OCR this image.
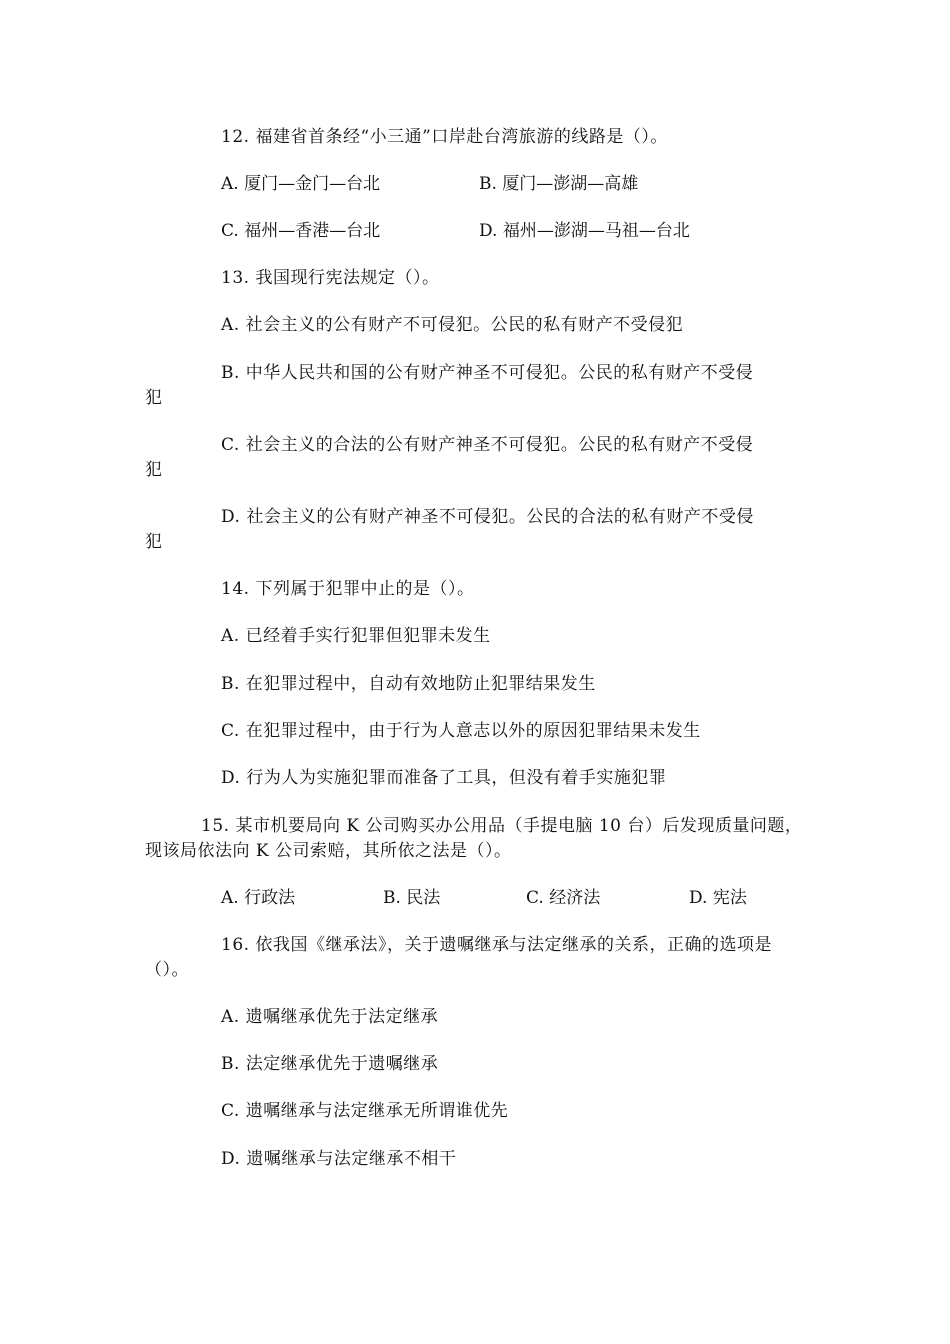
12. 福建省首条经“小三通”口岸赴台湾旅游的线路是（）。
A. 厦门—金门—台北	B. 厦门—澎湖—高雄
C. 福州—香港—台北	D. 福州—澎湖—马祖—台北
13. 我国现行宪法规定（）。
A. 社会主义的公有财产不可侵犯。公民的私有财产不受侵犯
B. 中华人民共和国的公有财产神圣不可侵犯。公民的私有财产不受侵
犯
C. 社会主义的合法的公有财产神圣不可侵犯。公民的私有财产不受侵
犯
D. 社会主义的公有财产神圣不可侵犯。公民的合法的私有财产不受侵
犯
14. 下列属于犯罪中止的是（）。
A. 已经着手实行犯罪但犯罪未发生
B. 在犯罪过程中，自动有效地防止犯罪结果发生
C. 在犯罪过程中，由于行为人意志以外的原因犯罪结果未发生
D. 行为人为实施犯罪而准备了工具，但没有着手实施犯罪
15. 某市机要局向 K 公司购买办公用品（手提电脑 10 台）后发现质量问题，
现该局依法向 K 公司索赔，其所依之法是（）。
A. 行政法	B. 民法	C. 经济法	D. 宪法
16. 依我国《继承法》，关于遗嘱继承与法定继承的关系，正确的选项是
（）。
A. 遗嘱继承优先于法定继承
B. 法定继承优先于遗嘱继承
C. 遗嘱继承与法定继承无所谓谁优先
D. 遗嘱继承与法定继承不相干
